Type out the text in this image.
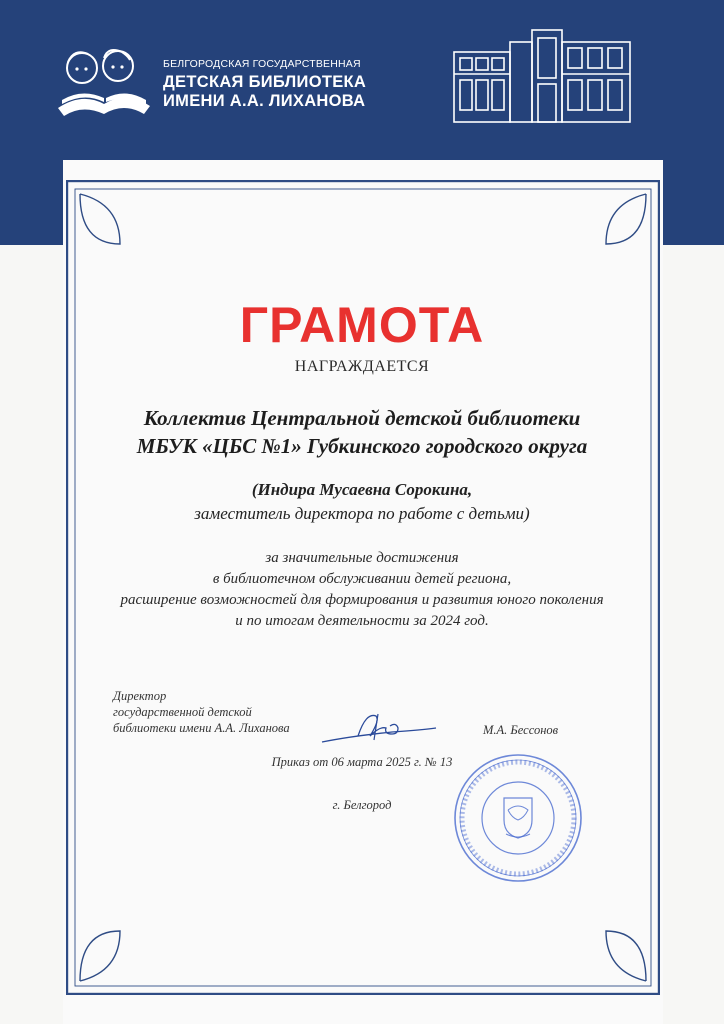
БЕЛГОРОДСКАЯ ГОСУДАРСТВЕННАЯ
ДЕТСКАЯ БИБЛИОТЕКА
ИМЕНИ А.А. ЛИХАНОВА
ГРАМОТА
НАГРАЖДАЕТСЯ
Коллектив Центральной детской библиотеки
МБУК «ЦБС №1» Губкинского городского округа
(Индира Мусаевна Сорокина,
заместитель директора по работе с детьми)
за значительные достижения
в библиотечном обслуживании детей региона,
расширение возможностей для формирования и развития юного поколения
и по итогам деятельности за 2024 год.
Директор
государственной детской
библиотеки имени А.А. Лиханова	М.А. Бессонов
Приказ от 06 марта 2025 г. № 13
г. Белгород
